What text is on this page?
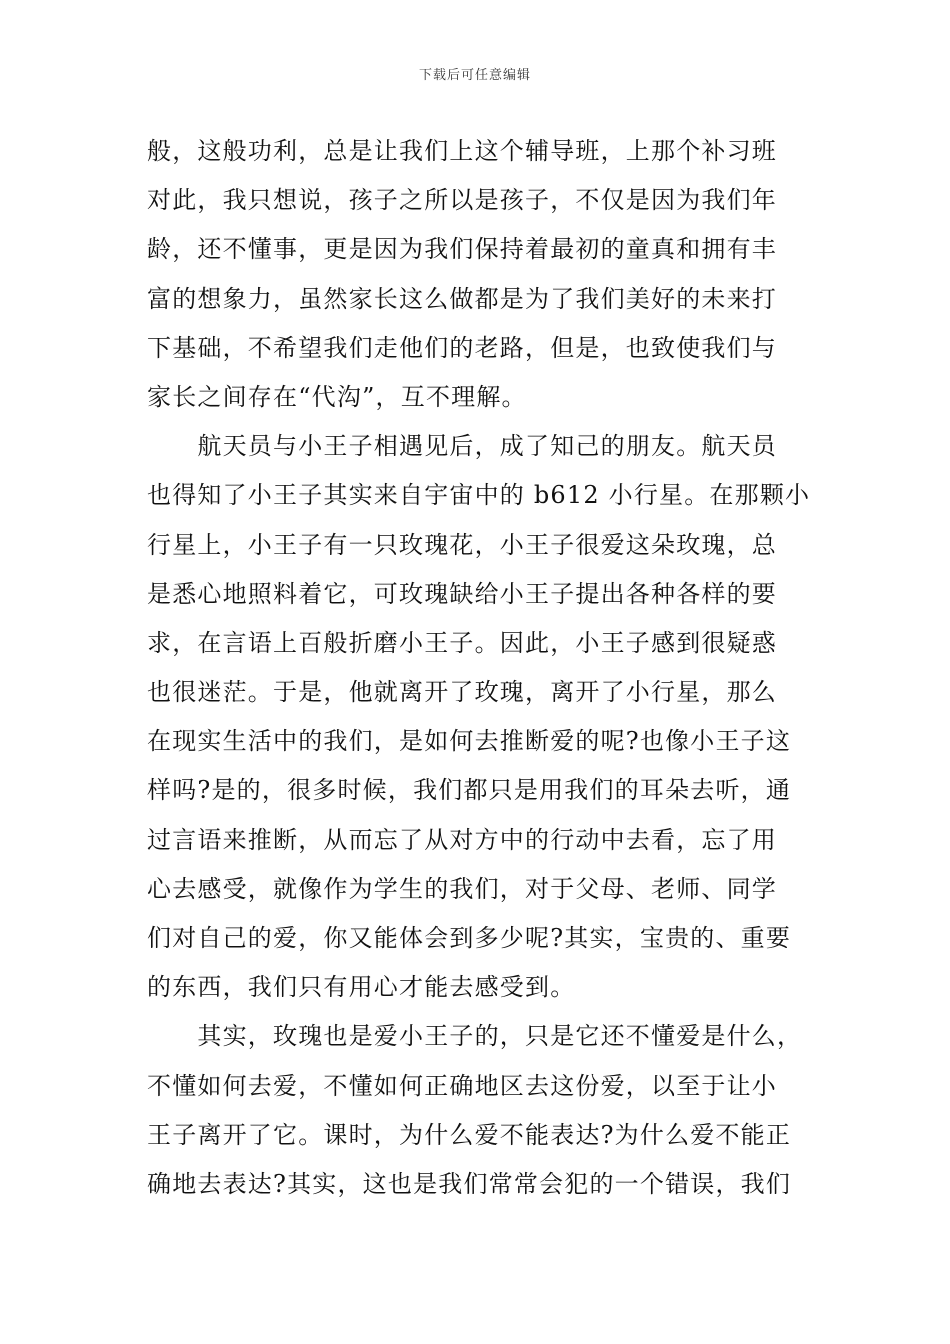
下载后可任意编辑
般，这般功利，总是让我们上这个辅导班，上那个补习班
对此，我只想说，孩子之所以是孩子，不仅是因为我们年
龄，还不懂事，更是因为我们保持着最初的童真和拥有丰
富的想象力，虽然家长这么做都是为了我们美好的未来打
下基础，不希望我们走他们的老路，但是，也致使我们与
家长之间存在“代沟”，互不理解。
　　航天员与小王子相遇见后，成了知己的朋友。航天员
也得知了小王子其实来自宇宙中的 b612 小行星。在那颗小
行星上，小王子有一只玫瑰花，小王子很爱这朵玫瑰，总
是悉心地照料着它，可玫瑰缺给小王子提出各种各样的要
求，在言语上百般折磨小王子。因此，小王子感到很疑惑
也很迷茫。于是，他就离开了玫瑰，离开了小行星，那么
在现实生活中的我们，是如何去推断爱的呢?也像小王子这
样吗?是的，很多时候，我们都只是用我们的耳朵去听，通
过言语来推断，从而忘了从对方中的行动中去看，忘了用
心去感受，就像作为学生的我们，对于父母、老师、同学
们对自己的爱，你又能体会到多少呢?其实，宝贵的、重要
的东西，我们只有用心才能去感受到。
　　其实，玫瑰也是爱小王子的，只是它还不懂爱是什么，
不懂如何去爱，不懂如何正确地区去这份爱，以至于让小
王子离开了它。课时，为什么爱不能表达?为什么爱不能正
确地去表达?其实，这也是我们常常会犯的一个错误，我们
